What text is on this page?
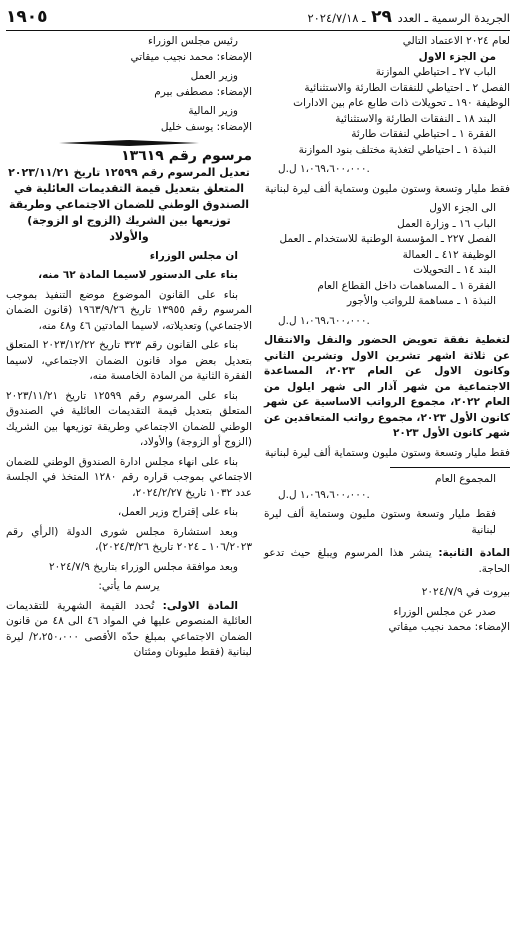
الجريدة الرسمية ـ العدد ٢٩ ـ ٢٠٢٤/٧/١٨
١٩٠٥

لعام ٢٠٢٤ الاعتماد التالي

من الجزء الاول

الباب ٢٧ ـ احتياطي الموازنة

الفصل ٢ ـ احتياطي للنفقات الطارئة والاستثنائية

الوظيفة ١٩٠ ـ تحويلات ذات طابع عام بين الادارات

البند ١٨ ـ النفقات الطارئة والاستثنائية

الفقرة ١ ـ احتياطي لنفقات طارئة

النبذة ١ ـ احتياطي لتغذية مختلف بنود الموازنة

١،٠٦٩،٦٠٠،٠٠٠ ل.ل.

فقط مليار وتسعة وستون مليون وستماية ألف ليرة لبنانية

الى الجزء الاول

الباب ١٦ ـ وزارة العمل

الفصل ٢٢٧ ـ المؤسسة الوطنية للاستخدام ـ العمل

الوظيفة ٤١٢ ـ العمالة

البند ١٤ ـ التحويلات

الفقرة ١ ـ المساهمات داخل القطاع العام

النبذة ١ ـ مساهمة للرواتب والأجور

١،٠٦٩،٦٠٠،٠٠٠ ل.ل.

لتغطية نفقة تعويض الحضور والنقل والانتقال عن ثلاثة اشهر تشرين الاول وتشرين الثاني وكانون الاول عن العام ٢٠٢٣، المساعدة الاجتماعية من شهر آذار الى شهر ايلول من العام ٢٠٢٢، مجموع الرواتب الاساسية عن شهر كانون الأول ٢٠٢٣، مجموع رواتب المتعاقدين عن شهر كانون الأول ٢٠٢٣

فقط مليار وتسعة وستون مليون وستماية ألف ليرة لبنانية

المجموع العام

١،٠٦٩،٦٠٠،٠٠٠ ل.ل.

فقط مليار وتسعة وستون مليون وستماية ألف ليرة لبنانية

المادة الثانية: ينشر هذا المرسوم ويبلغ حيث تدعو الحاجة.

بيروت في ٢٠٢٤/٧/٩

صدر عن مجلس الوزراء

الإمضاء: محمد نجيب ميقاتي

رئيس مجلس الوزراء

الإمضاء: محمد نجيب ميقاتي

وزير العمل

الإمضاء: مصطفى بيرم

وزير المالية

الإمضاء: يوسف خليل

مرسوم رقم ١٣٦١٩

تعديل المرسوم رقم ١٢٥٩٩ تاريخ ٢٠٢٣/١١/٢١ المتعلق بتعديل قيمة التقديمات العائلية في الصندوق الوطني للضمان الاجتماعي وطريقة توزيعها بين الشريك (الزوج او الزوجة) والأولاد

ان مجلس الوزراء

بناء على الدستور لاسيما المادة ٦٢ منه،

بناء على القانون الموضوع موضع التنفيذ بموجب المرسوم رقم ١٣٩٥٥ تاريخ ١٩٦٣/٩/٢٦ (قانون الضمان الاجتماعي) وتعديلاته، لاسيما المادتين ٤٦ و٤٨ منه،

بناء على القانون رقم ٣٢٣ تاريخ ٢٠٢٣/١٢/٢٢ المتعلق بتعديل بعض مواد قانون الضمان الاجتماعي، لاسيما الفقرة الثانية من المادة الخامسة منه،

بناء على المرسوم رقم ١٢٥٩٩ تاريخ ٢٠٢٣/١١/٢١ المتعلق بتعديل قيمة التقديمات العائلية في الصندوق الوطني للضمان الاجتماعي وطريقة توزيعها بين الشريك (الزوج أو الزوجة) والأولاد،

بناء على انهاء مجلس ادارة الصندوق الوطني للضمان الاجتماعي بموجب قراره رقم ١٢٨٠ المتخذ في الجلسة عدد ١٠٣٢ تاريخ ٢٠٢٤/٢/٢٧،

بناء على إقتراح وزير العمل،

وبعد استشارة مجلس شورى الدولة (الرأي رقم ١٠٦/٢٠٢٣ ـ ٢٠٢٤ تاريخ ٢٠٢٤/٣/٢٦)،

وبعد موافقة مجلس الوزراء بتاريخ ٢٠٢٤/٧/٩

يرسم ما يأتي:

المادة الاولى: تُحدد القيمة الشهرية للتقديمات العائلية المنصوص عليها في المواد ٤٦ الى ٤٨ من قانون الضمان الاجتماعي بمبلغ حدّه الأقصى ٢،٢٥٠،٠٠٠/ ليرة لبنانية (فقط مليونان ومئتان
